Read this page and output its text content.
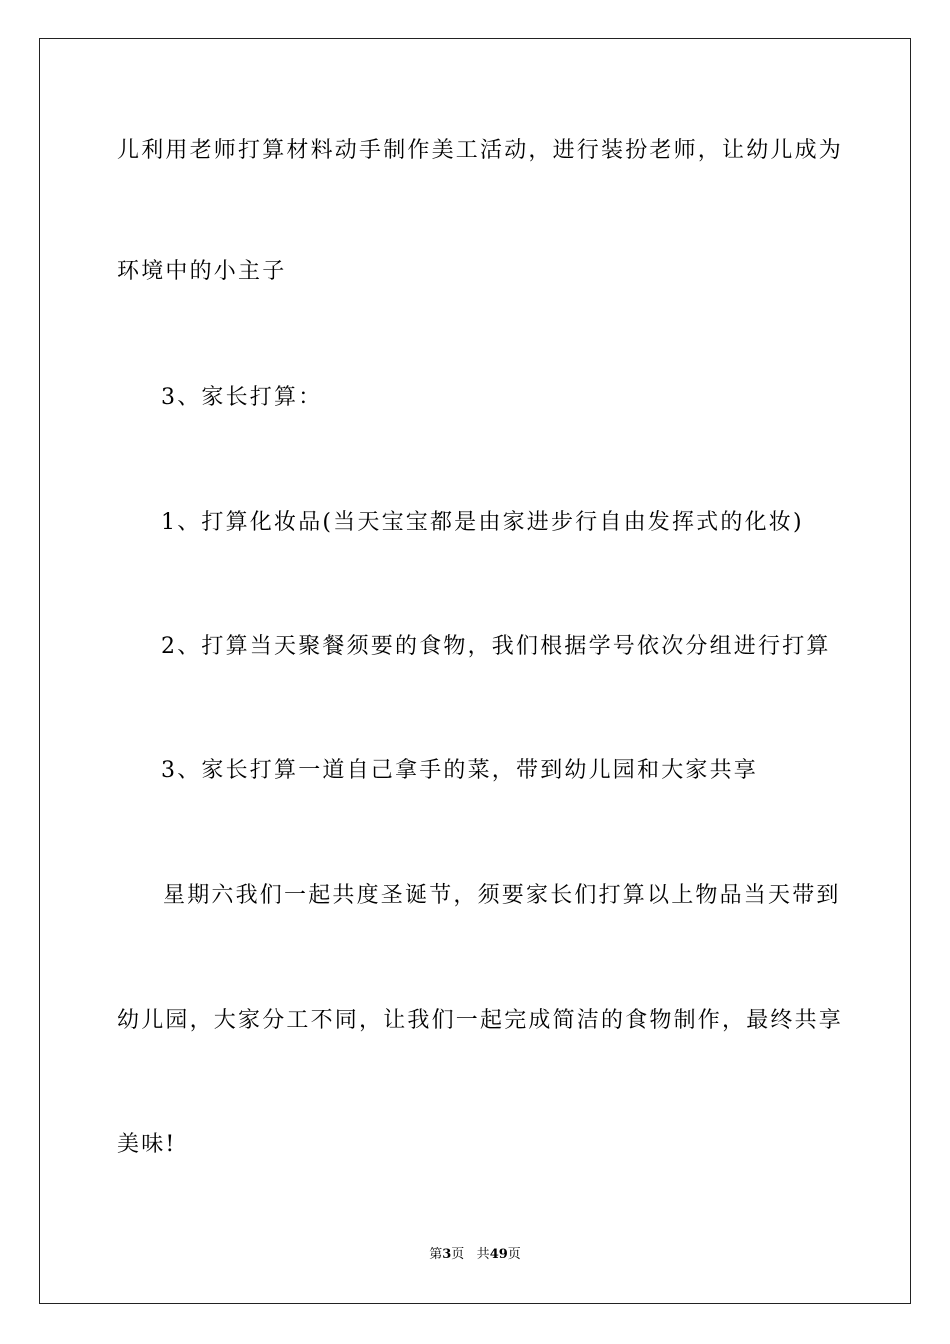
儿利用老师打算材料动手制作美工活动，进行装扮老师，让幼儿成为
环境中的小主子
3、家长打算：
1、打算化妆品(当天宝宝都是由家进步行自由发挥式的化妆)
2、打算当天聚餐须要的食物，我们根据学号依次分组进行打算
3、家长打算一道自己拿手的菜，带到幼儿园和大家共享
星期六我们一起共度圣诞节，须要家长们打算以上物品当天带到
幼儿园，大家分工不同，让我们一起完成简洁的食物制作，最终共享
美味!
第3页 共49页
